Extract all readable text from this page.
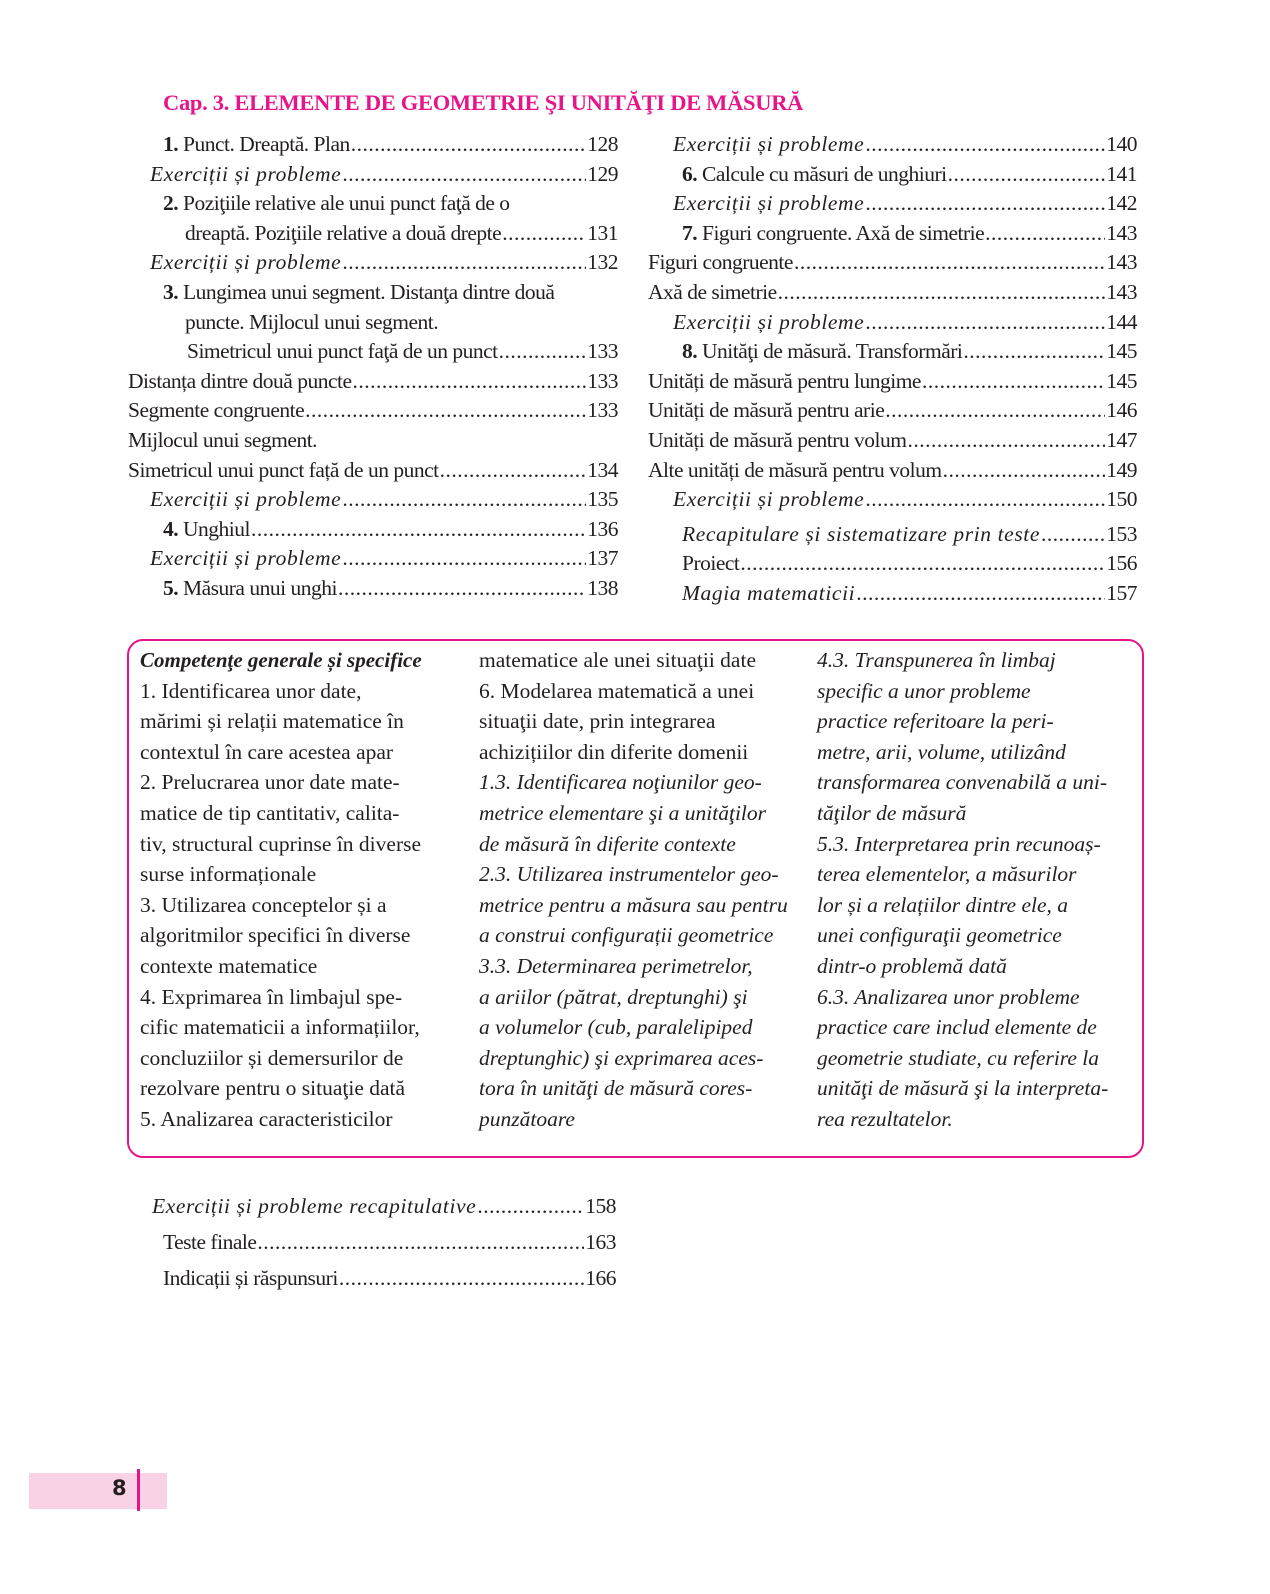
Cap. 3. ELEMENTE DE GEOMETRIE ŞI UNITĂŢI DE MĂSURĂ
1. Punct. Dreaptă. Plan .....	128
Exerciții și probleme .....	129
2. Poziţiile relative ale unui punct faţă de o
dreaptă. Poziţiile relative a două drepte .....	131
Exerciții și probleme .....	132
3. Lungimea unui segment. Distanţa dintre două
puncte. Mijlocul unui segment.
Simetricul unui punct faţă de un punct .....	133
Distanța dintre două puncte .....	133
Segmente congruente .....	133
Mijlocul unui segment.
Simetricul unui punct față de un punct .....	134
Exerciții și probleme .....	135
4. Unghiul .....	136
Exerciții și probleme .....	137
5. Măsura unui unghi .....	138
Exerciții și probleme .....	140
6. Calcule cu măsuri de unghiuri .....	141
Exerciții și probleme .....	142
7. Figuri congruente. Axă de simetrie .....	143
Figuri congruente .....	143
Axă de simetrie .....	143
Exerciții și probleme .....	144
8. Unităţi de măsură. Transformări .....	145
Unități de măsură pentru lungime .....	145
Unități de măsură pentru arie .....	146
Unități de măsură pentru volum .....	147
Alte unități de măsură pentru volum .....	149
Exerciții și probleme .....	150
Recapitulare și sistematizare prin teste .....	153
Proiect .....	156
Magia matematicii .....	157
Competenţe generale și specifice
1. Identificarea unor date,
mărimi și relații matematice în
contextul în care acestea apar
2. Prelucrarea unor date mate-
matice de tip cantitativ, calita-
tiv, structural cuprinse în diverse
surse informaționale
3. Utilizarea conceptelor și a
algoritmilor specifici în diverse
contexte matematice
4. Exprimarea în limbajul spe-
cific matematicii a informațiilor,
concluziilor și demersurilor de
rezolvare pentru o situaţie dată
5. Analizarea caracteristicilor
matematice ale unei situaţii date
6. Modelarea matematică a unei
situaţii date, prin integrarea
achizițiilor din diferite domenii
1.3. Identificarea noţiunilor geo-
metrice elementare şi a unităţilor
de măsură în diferite contexte
2.3. Utilizarea instrumentelor geo-
metrice pentru a măsura sau pentru
a construi configurații geometrice
3.3. Determinarea perimetrelor,
a ariilor (pătrat, dreptunghi) şi
a volumelor (cub, paralelipiped
dreptunghic) şi exprimarea aces-
tora în unităţi de măsură cores-
punzătoare
4.3. Transpunerea în limbaj
specific a unor probleme
practice referitoare la peri-
metre, arii, volume, utilizând
transformarea convenabilă a uni-
tăţilor de măsură
5.3. Interpretarea prin recunoaș-
terea elementelor, a măsurilor
lor și a relațiilor dintre ele, a
unei configuraţii geometrice
dintr-o problemă dată
6.3. Analizarea unor probleme
practice care includ elemente de
geometrie studiate, cu referire la
unităţi de măsură şi la interpreta-
rea rezultatelor.
Exerciții și probleme recapitulative .....	158
Teste finale .....	163
Indicații și răspunsuri .....	166
8
